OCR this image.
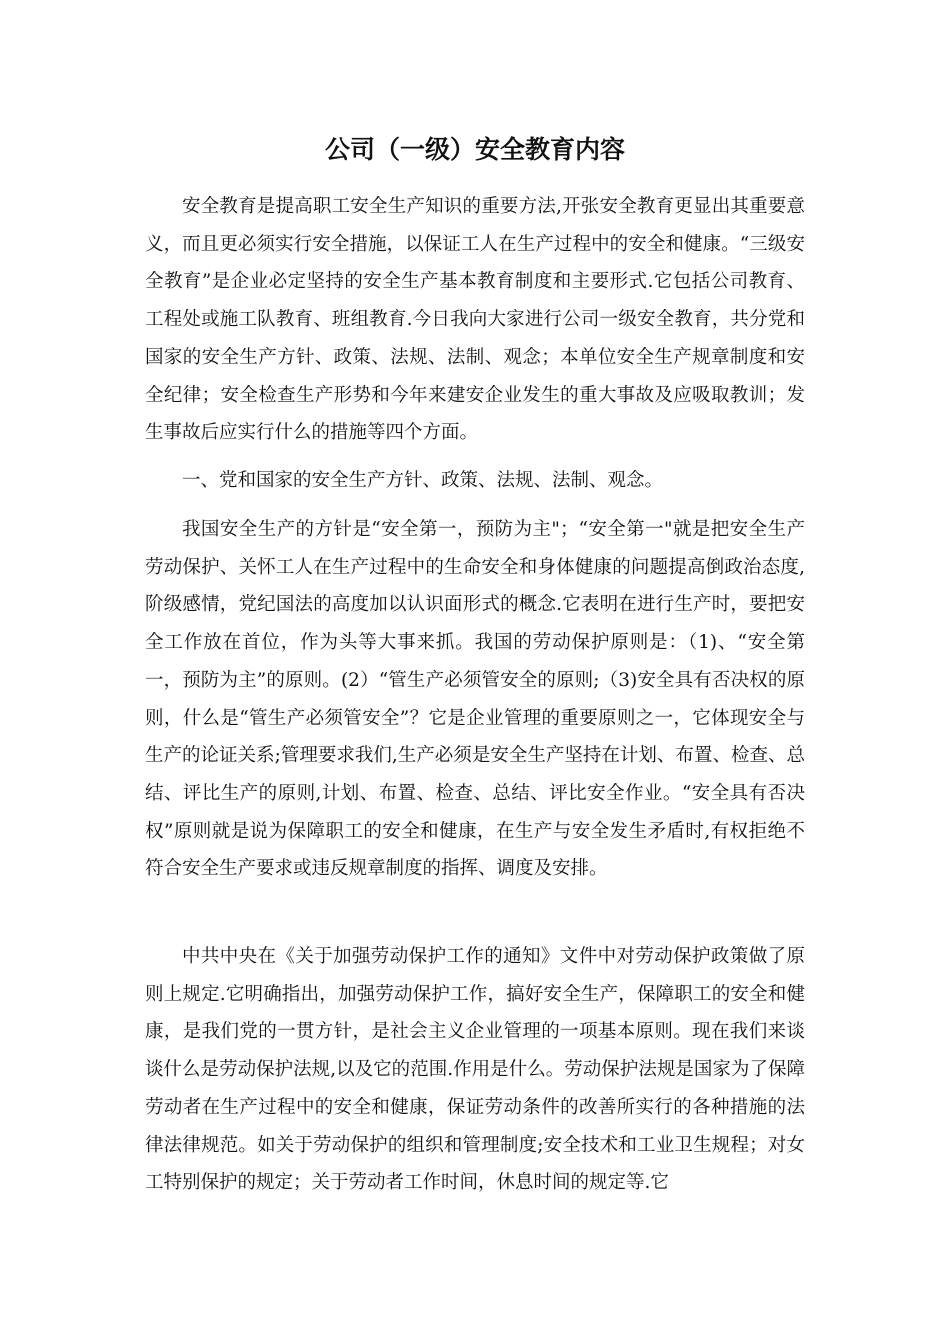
公司（一级）安全教育内容

安全教育是提高职工安全生产知识的重要方法,开张安全教育更显出其重要意义，而且更必须实行安全措施，以保证工人在生产过程中的安全和健康。“三级安全教育”是企业必定坚持的安全生产基本教育制度和主要形式.它包括公司教育、工程处或施工队教育、班组教育.今日我向大家进行公司一级安全教育，共分党和国家的安全生产方针、政策、法规、法制、观念；本单位安全生产规章制度和安全纪律；安全检查生产形势和今年来建安企业发生的重大事故及应吸取教训；发生事故后应实行什么的措施等四个方面。

一、党和国家的安全生产方针、政策、法规、法制、观念。

我国安全生产的方针是“安全第一，预防为主"；“安全第一"就是把安全生产劳动保护、关怀工人在生产过程中的生命安全和身体健康的问题提高倒政治态度,阶级感情，党纪国法的高度加以认识面形式的概念.它表明在进行生产时，要把安全工作放在首位，作为头等大事来抓。我国的劳动保护原则是：（1)、“安全第一，预防为主”的原则。(2）“管生产必须管安全的原则;（3)安全具有否决权的原则，什么是“管生产必须管安全”？它是企业管理的重要原则之一，它体现安全与生产的论证关系;管理要求我们,生产必须是安全生产坚持在计划、布置、检查、总结、评比生产的原则,计划、布置、检查、总结、评比安全作业。“安全具有否决权”原则就是说为保障职工的安全和健康，在生产与安全发生矛盾时,有权拒绝不符合安全生产要求或违反规章制度的指挥、调度及安排。

中共中央在《关于加强劳动保护工作的通知》文件中对劳动保护政策做了原则上规定.它明确指出，加强劳动保护工作，搞好安全生产，保障职工的安全和健康，是我们党的一贯方针，是社会主义企业管理的一项基本原则。现在我们来谈谈什么是劳动保护法规,以及它的范围.作用是什么。劳动保护法规是国家为了保障劳动者在生产过程中的安全和健康，保证劳动条件的改善所实行的各种措施的法律法律规范。如关于劳动保护的组织和管理制度;安全技术和工业卫生规程；对女工特别保护的规定；关于劳动者工作时间，休息时间的规定等.它
